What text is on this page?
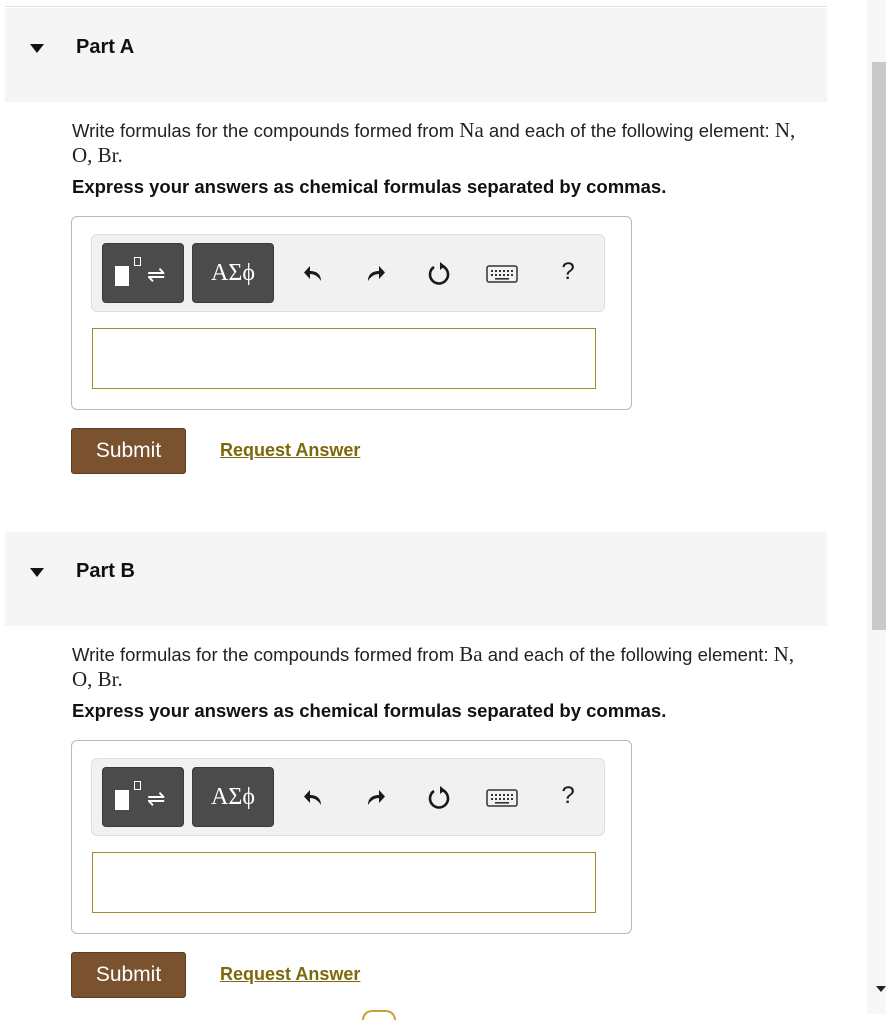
Part A
Write formulas for the compounds formed from Na and each of the following element: N, O, Br.
Express your answers as chemical formulas separated by commas.
⇌	ΑΣϕ	?
Submit	Request Answer
Part B
Write formulas for the compounds formed from Ba and each of the following element: N, O, Br.
Express your answers as chemical formulas separated by commas.
⇌	ΑΣϕ	?
Submit	Request Answer
